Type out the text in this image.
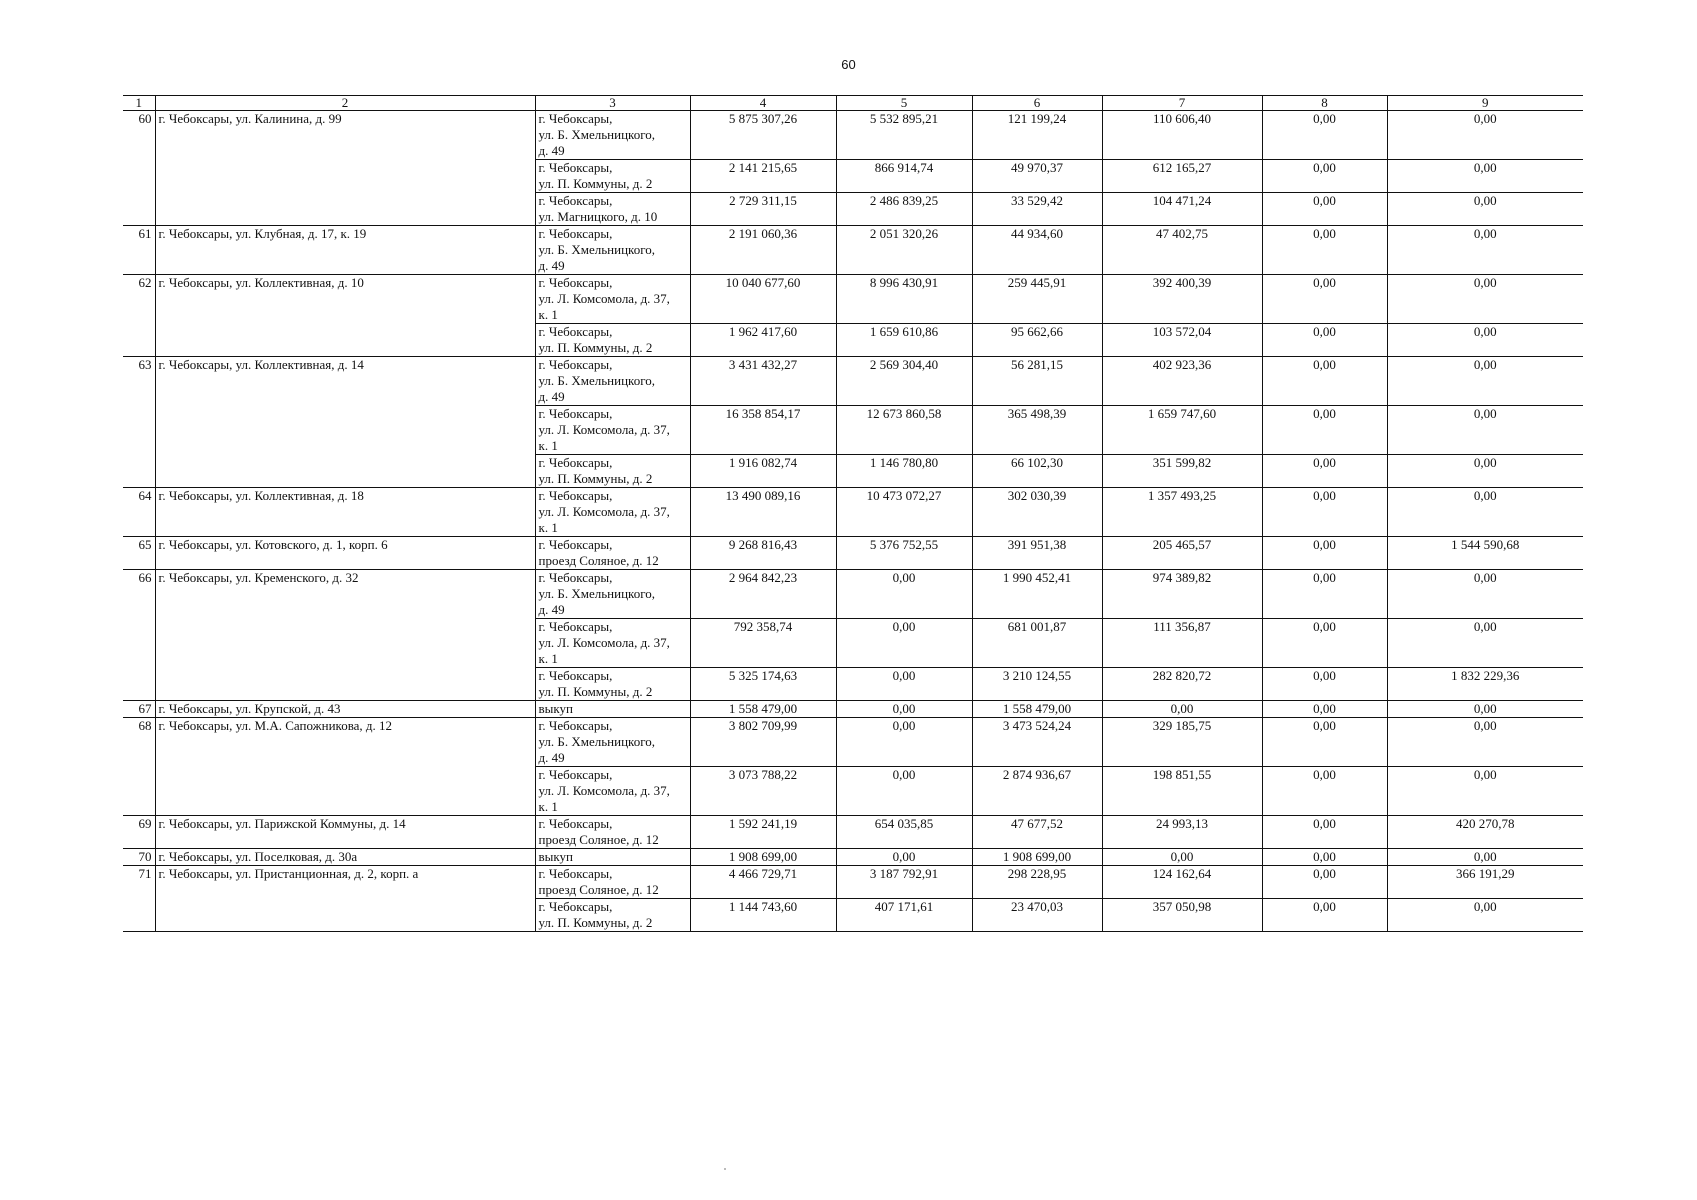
60
1	2	3	4	5	6	7	8	9
60	г. Чебоксары, ул. Калинина, д. 99	г. Чебоксары,
ул. Б. Хмельницкого,
д. 49	5 875 307,26	5 532 895,21	121 199,24	110 606,40	0,00	0,00
		г. Чебоксары,
ул. П. Коммуны, д. 2	2 141 215,65	866 914,74	49 970,37	612 165,27	0,00	0,00
		г. Чебоксары,
ул. Магницкого, д. 10	2 729 311,15	2 486 839,25	33 529,42	104 471,24	0,00	0,00
61	г. Чебоксары, ул. Клубная, д. 17, к. 19	г. Чебоксары,
ул. Б. Хмельницкого,
д. 49	2 191 060,36	2 051 320,26	44 934,60	47 402,75	0,00	0,00
62	г. Чебоксары, ул. Коллективная, д. 10	г. Чебоксары,
ул. Л. Комсомола, д. 37,
к. 1	10 040 677,60	8 996 430,91	259 445,91	392 400,39	0,00	0,00
		г. Чебоксары,
ул. П. Коммуны, д. 2	1 962 417,60	1 659 610,86	95 662,66	103 572,04	0,00	0,00
63	г. Чебоксары, ул. Коллективная, д. 14	г. Чебоксары,
ул. Б. Хмельницкого,
д. 49	3 431 432,27	2 569 304,40	56 281,15	402 923,36	0,00	0,00
		г. Чебоксары,
ул. Л. Комсомола, д. 37,
к. 1	16 358 854,17	12 673 860,58	365 498,39	1 659 747,60	0,00	0,00
		г. Чебоксары,
ул. П. Коммуны, д. 2	1 916 082,74	1 146 780,80	66 102,30	351 599,82	0,00	0,00
64	г. Чебоксары, ул. Коллективная, д. 18	г. Чебоксары,
ул. Л. Комсомола, д. 37,
к. 1	13 490 089,16	10 473 072,27	302 030,39	1 357 493,25	0,00	0,00
65	г. Чебоксары, ул. Котовского, д. 1, корп. 6	г. Чебоксары,
проезд Соляное, д. 12	9 268 816,43	5 376 752,55	391 951,38	205 465,57	0,00	1 544 590,68
66	г. Чебоксары, ул. Кременского, д. 32	г. Чебоксары,
ул. Б. Хмельницкого,
д. 49	2 964 842,23	0,00	1 990 452,41	974 389,82	0,00	0,00
		г. Чебоксары,
ул. Л. Комсомола, д. 37,
к. 1	792 358,74	0,00	681 001,87	111 356,87	0,00	0,00
		г. Чебоксары,
ул. П. Коммуны, д. 2	5 325 174,63	0,00	3 210 124,55	282 820,72	0,00	1 832 229,36
67	г. Чебоксары, ул. Крупской, д. 43	выкуп	1 558 479,00	0,00	1 558 479,00	0,00	0,00	0,00
68	г. Чебоксары, ул. М.А. Сапожникова, д. 12	г. Чебоксары,
ул. Б. Хмельницкого,
д. 49	3 802 709,99	0,00	3 473 524,24	329 185,75	0,00	0,00
		г. Чебоксары,
ул. Л. Комсомола, д. 37,
к. 1	3 073 788,22	0,00	2 874 936,67	198 851,55	0,00	0,00
69	г. Чебоксары, ул. Парижской Коммуны, д. 14	г. Чебоксары,
проезд Соляное, д. 12	1 592 241,19	654 035,85	47 677,52	24 993,13	0,00	420 270,78
70	г. Чебоксары, ул. Поселковая, д. 30а	выкуп	1 908 699,00	0,00	1 908 699,00	0,00	0,00	0,00
71	г. Чебоксары, ул. Пристанционная, д. 2, корп. а	г. Чебоксары,
проезд Соляное, д. 12	4 466 729,71	3 187 792,91	298 228,95	124 162,64	0,00	366 191,29
		г. Чебоксары,
ул. П. Коммуны, д. 2	1 144 743,60	407 171,61	23 470,03	357 050,98	0,00	0,00
